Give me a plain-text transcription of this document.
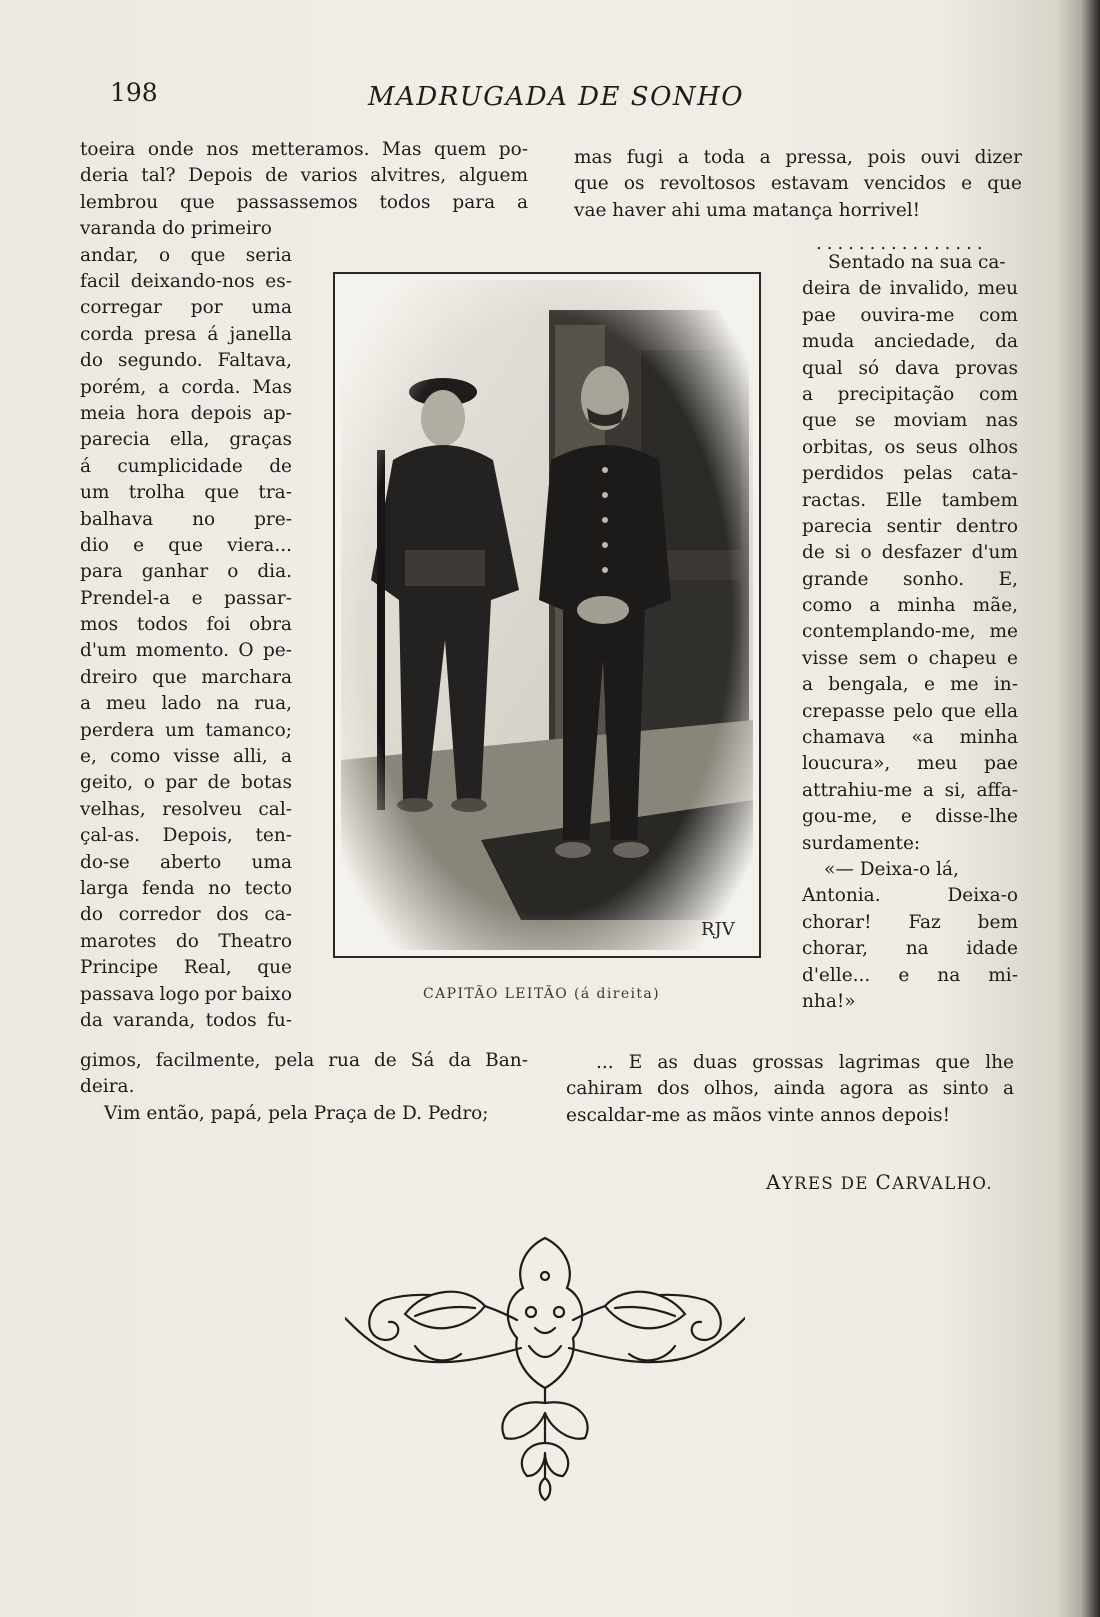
198	MADRUGADA DE SONHO
toeira onde nos metteramos. Mas quem po-
deria tal? Depois de varios alvitres, alguem
lembrou que passassemos todos para a
varanda do primeiro
andar, o que seria
facil deixando-nos es-
corregar por uma
corda presa á janella
do segundo. Faltava,
porém, a corda. Mas
meia hora depois ap-
parecia ella, graças
á cumplicidade de
um trolha que tra-
balhava no pre-
dio e que viera...
para ganhar o dia.
Prendel-a e passar-
mos todos foi obra
d'um momento. O pe-
dreiro que marchara
a meu lado na rua,
perdera um tamanco;
e, como visse alli, a
geito, o par de botas
velhas, resolveu cal-
çal-as. Depois, ten-
do-se aberto uma
larga fenda no tecto
do corredor dos ca-
marotes do Theatro
Principe Real, que
passava logo por baixo
da varanda, todos fu-
gimos, facilmente, pela rua de Sá da Ban-
deira.
Vim então, papá, pela Praça de D. Pedro;
mas fugi a toda a pressa, pois ouvi dizer
que os revoltosos estavam vencidos e que
vae haver ahi uma matança horrivel!
................
Sentado na sua ca-
deira de invalido, meu
pae ouvira-me com
muda anciedade, da
qual só dava provas
a precipitação com
que se moviam nas
orbitas, os seus olhos
perdidos pelas cata-
ractas. Elle tambem
parecia sentir dentro
de si o desfazer d'um
grande sonho. E,
como a minha mãe,
contemplando-me, me
visse sem o chapeu e
a bengala, e me in-
crepasse pelo que ella
chamava «a minha
loucura», meu pae
attrahiu-me a si, affa-
gou-me, e disse-lhe
surdamente:
«— Deixa-o lá,
Antonia.	Deixa-o
chorar! Faz bem
chorar, na idade
d'elle... e na mi-
nha!»
... E as duas grossas lagrimas que lhe
cahiram dos olhos, ainda agora as sinto a
escaldar-me as mãos vinte annos depois!
RJV
CAPITÃO LEITÃO (á direita)
AYRES DE CARVALHO.
